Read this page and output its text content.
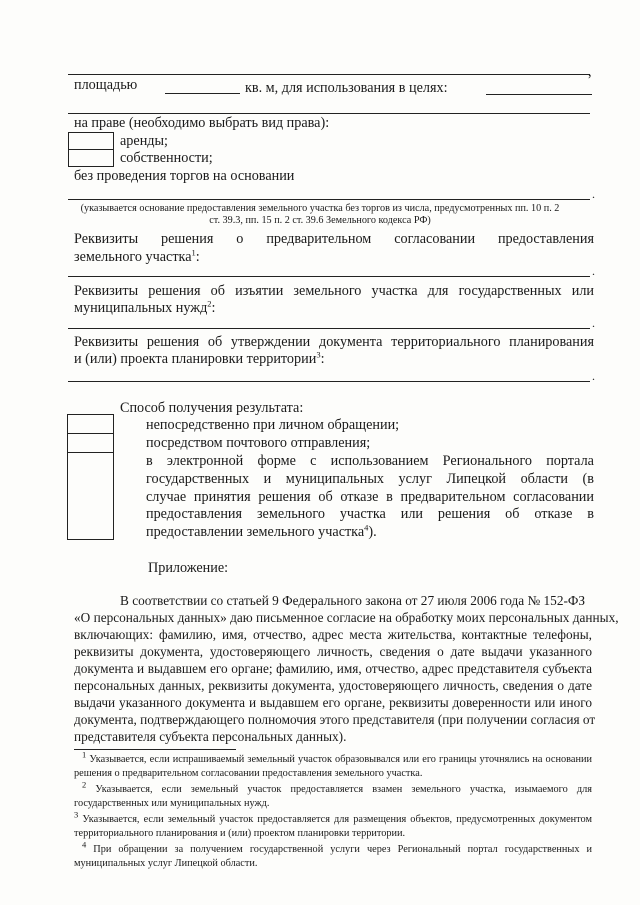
площадью	кв. м, для использования в целях:
,
на праве (необходимо выбрать вид права):
аренды;
собственности;
без проведения торгов на основании
.
(указывается основание предоставления земельного участка без торгов из числа, предусмотренных пп. 10 п. 2
ст. 39.3, пп. 15 п. 2 ст. 39.6 Земельного кодекса РФ)
Реквизиты решения о предварительном согласовании предоставления
земельного участка$^1$:
.
Реквизиты решения об изъятии земельного участка для государственных или
муниципальных нужд$^2$:
.
Реквизиты решения об утверждении документа территориального планирования
и (или) проекта планировки территории$^3$:
.
Способ получения результата:
непосредственно при личном обращении;
посредством почтового отправления;
в электронной форме с использованием Регионального портала
государственных и муниципальных услуг Липецкой области (в
случае принятия решения об отказе в предварительном согласовании
предоставления земельного участка или решения об отказе в
предоставлении земельного участка$^4$).
Приложение:
В соответствии со статьей 9 Федерального закона от 27 июля 2006 года № 152-ФЗ
«О персональных данных» даю письменное согласие на обработку моих персональных данных,
включающих: фамилию, имя, отчество, адрес места жительства, контактные телефоны,
реквизиты документа, удостоверяющего личность, сведения о дате выдачи указанного
документа и выдавшем его органе; фамилию, имя, отчество, адрес представителя субъекта
персональных данных, реквизиты документа, удостоверяющего личность, сведения о дате
выдачи указанного документа и выдавшем его органе, реквизиты доверенности или иного
документа, подтверждающего полномочия этого представителя (при получении согласия от
представителя субъекта персональных данных).
$^1$ Указывается, если испрашиваемый земельный участок образовывался или его границы уточнялись на основании
решения о предварительном согласовании предоставления земельного участка.
$^2$ Указывается, если земельный участок предоставляется взамен земельного участка, изымаемого для
государственных или муниципальных нужд.
$^3$ Указывается, если земельный участок предоставляется для размещения объектов, предусмотренных документом
территориального планирования и (или) проектом планировки территории.
$^4$ При обращении за получением государственной услуги через Региональный портал государственных и
муниципальных услуг Липецкой области.
